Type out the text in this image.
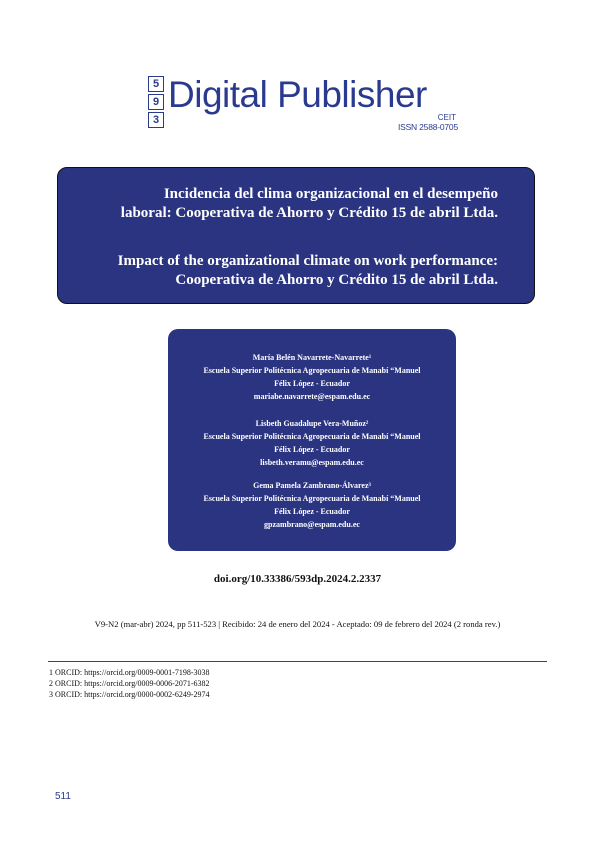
5
9
3
Digital Publisher
CEIT
ISSN 2588-0705
Incidencia del clima organizacional en el desempeño
laboral: Cooperativa de Ahorro y Crédito 15 de abril Ltda.
Impact of the organizational climate on work performance:
Cooperativa de Ahorro y Crédito 15 de abril Ltda.
María Belén Navarrete-Navarrete¹
Escuela Superior Politécnica Agropecuaria de Manabí “Manuel
Félix López - Ecuador
mariabe.navarrete@espam.edu.ec
Lisbeth Guadalupe Vera-Muñoz²
Escuela Superior Politécnica Agropecuaria de Manabí “Manuel
Félix López - Ecuador
lisbeth.veramu@espam.edu.ec
Gema Pamela Zambrano-Álvarez³
Escuela Superior Politécnica Agropecuaria de Manabí “Manuel
Félix López - Ecuador
gpzambrano@espam.edu.ec
doi.org/10.33386/593dp.2024.2.2337
V9-N2 (mar-abr) 2024, pp 511-523 | Recibido: 24 de enero del 2024 - Aceptado: 09 de febrero del 2024 (2 ronda rev.)
1 ORCID: https://orcid.org/0009-0001-7198-3038
2 ORCID: https://orcid.org/0009-0006-2071-6382
3 ORCID: https://orcid.org/0000-0002-6249-2974
511
